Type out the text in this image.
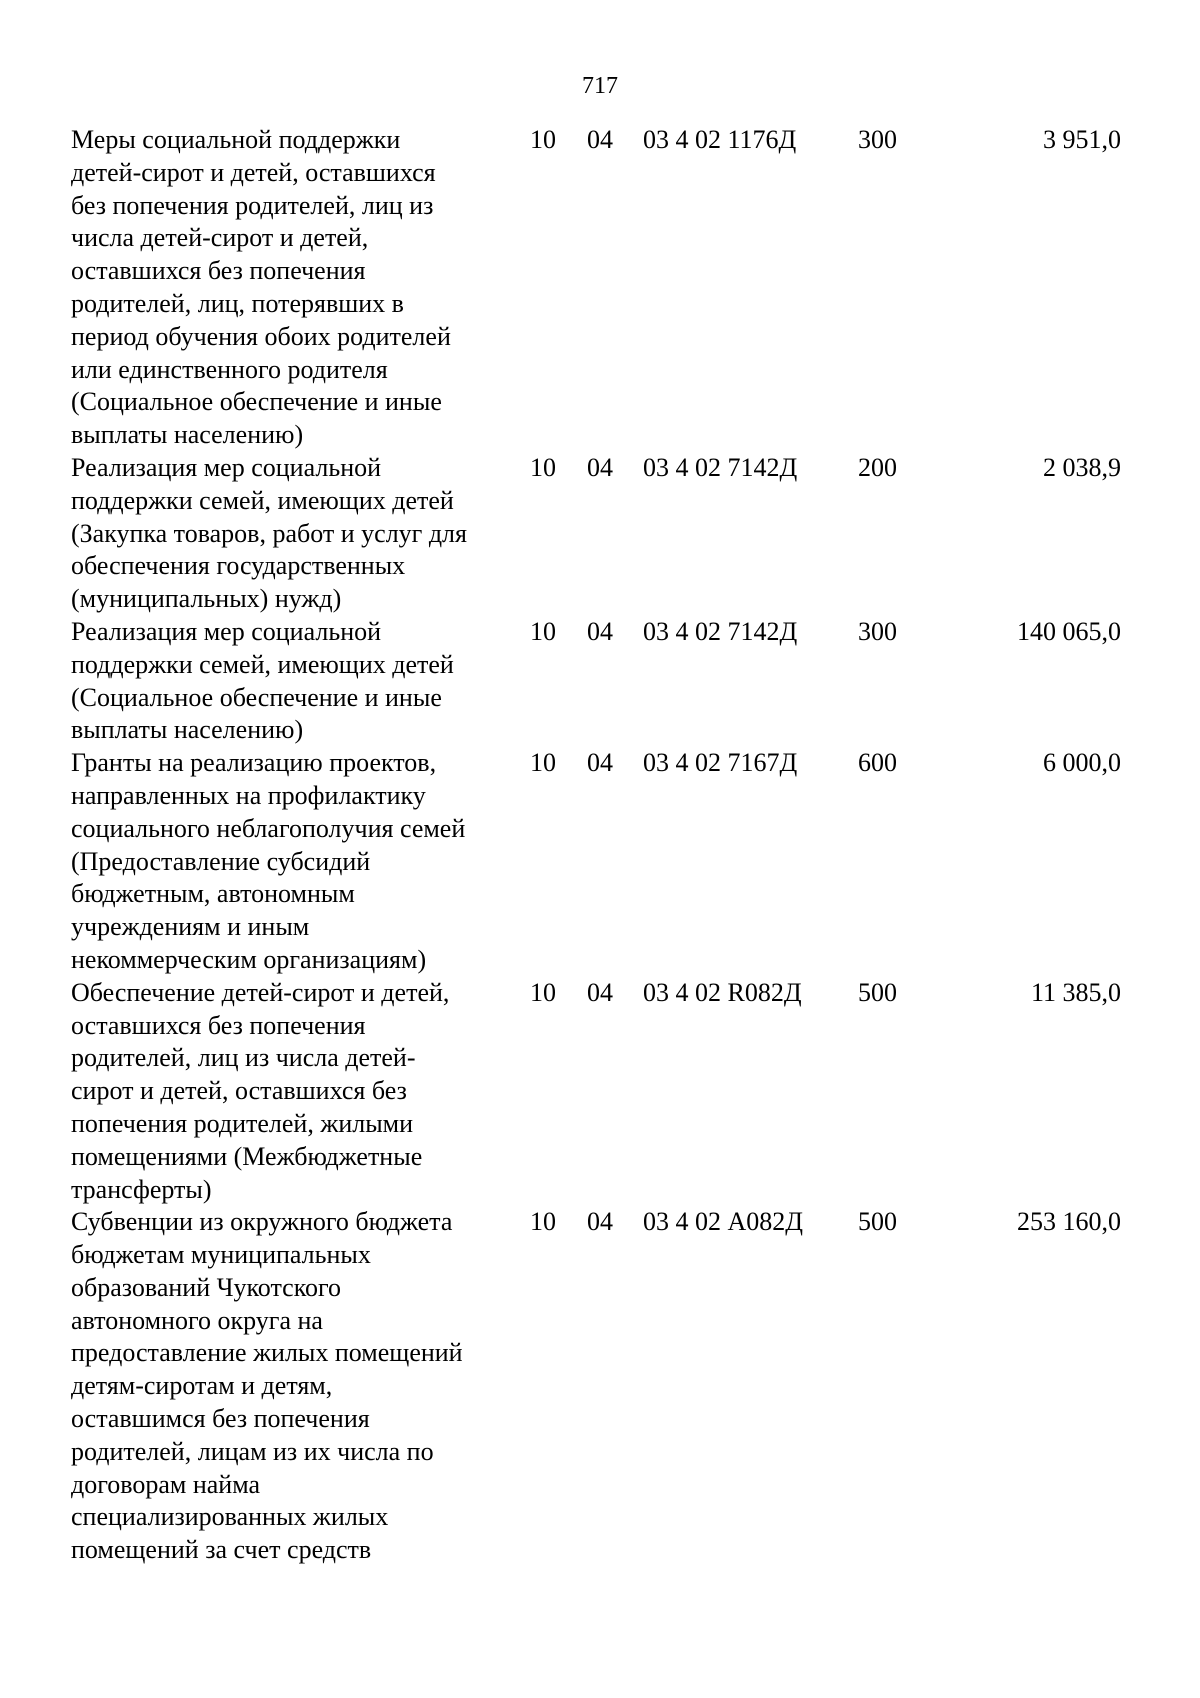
717
Меры социальной поддержки
детей-сирот и детей, оставшихся
без попечения родителей, лиц из
числа детей-сирот и детей,
оставшихся без попечения
родителей, лиц, потерявших в
период обучения обоих родителей
или единственного родителя
(Социальное обеспечение и иные
выплаты населению)
10	04	03 4 02 1176Д	300	3 951,0
Реализация мер социальной
поддержки семей, имеющих детей
(Закупка товаров, работ и услуг для
обеспечения государственных
(муниципальных) нужд)
10	04	03 4 02 7142Д	200	2 038,9
Реализация мер социальной
поддержки семей, имеющих детей
(Социальное обеспечение и иные
выплаты населению)
10	04	03 4 02 7142Д	300	140 065,0
Гранты на реализацию проектов,
направленных на профилактику
социального неблагополучия семей
(Предоставление субсидий
бюджетным, автономным
учреждениям и иным
некоммерческим организациям)
10	04	03 4 02 7167Д	600	6 000,0
Обеспечение детей-сирот и детей,
оставшихся без попечения
родителей, лиц из числа детей-
сирот и детей, оставшихся без
попечения родителей, жилыми
помещениями (Межбюджетные
трансферты)
10	04	03 4 02 R082Д	500	11 385,0
Субвенции из окружного бюджета
бюджетам муниципальных
образований Чукотского
автономного округа на
предоставление жилых помещений
детям-сиротам и детям,
оставшимся без попечения
родителей, лицам из их числа по
договорам найма
специализированных жилых
помещений за счет средств
10	04	03 4 02 А082Д	500	253 160,0
